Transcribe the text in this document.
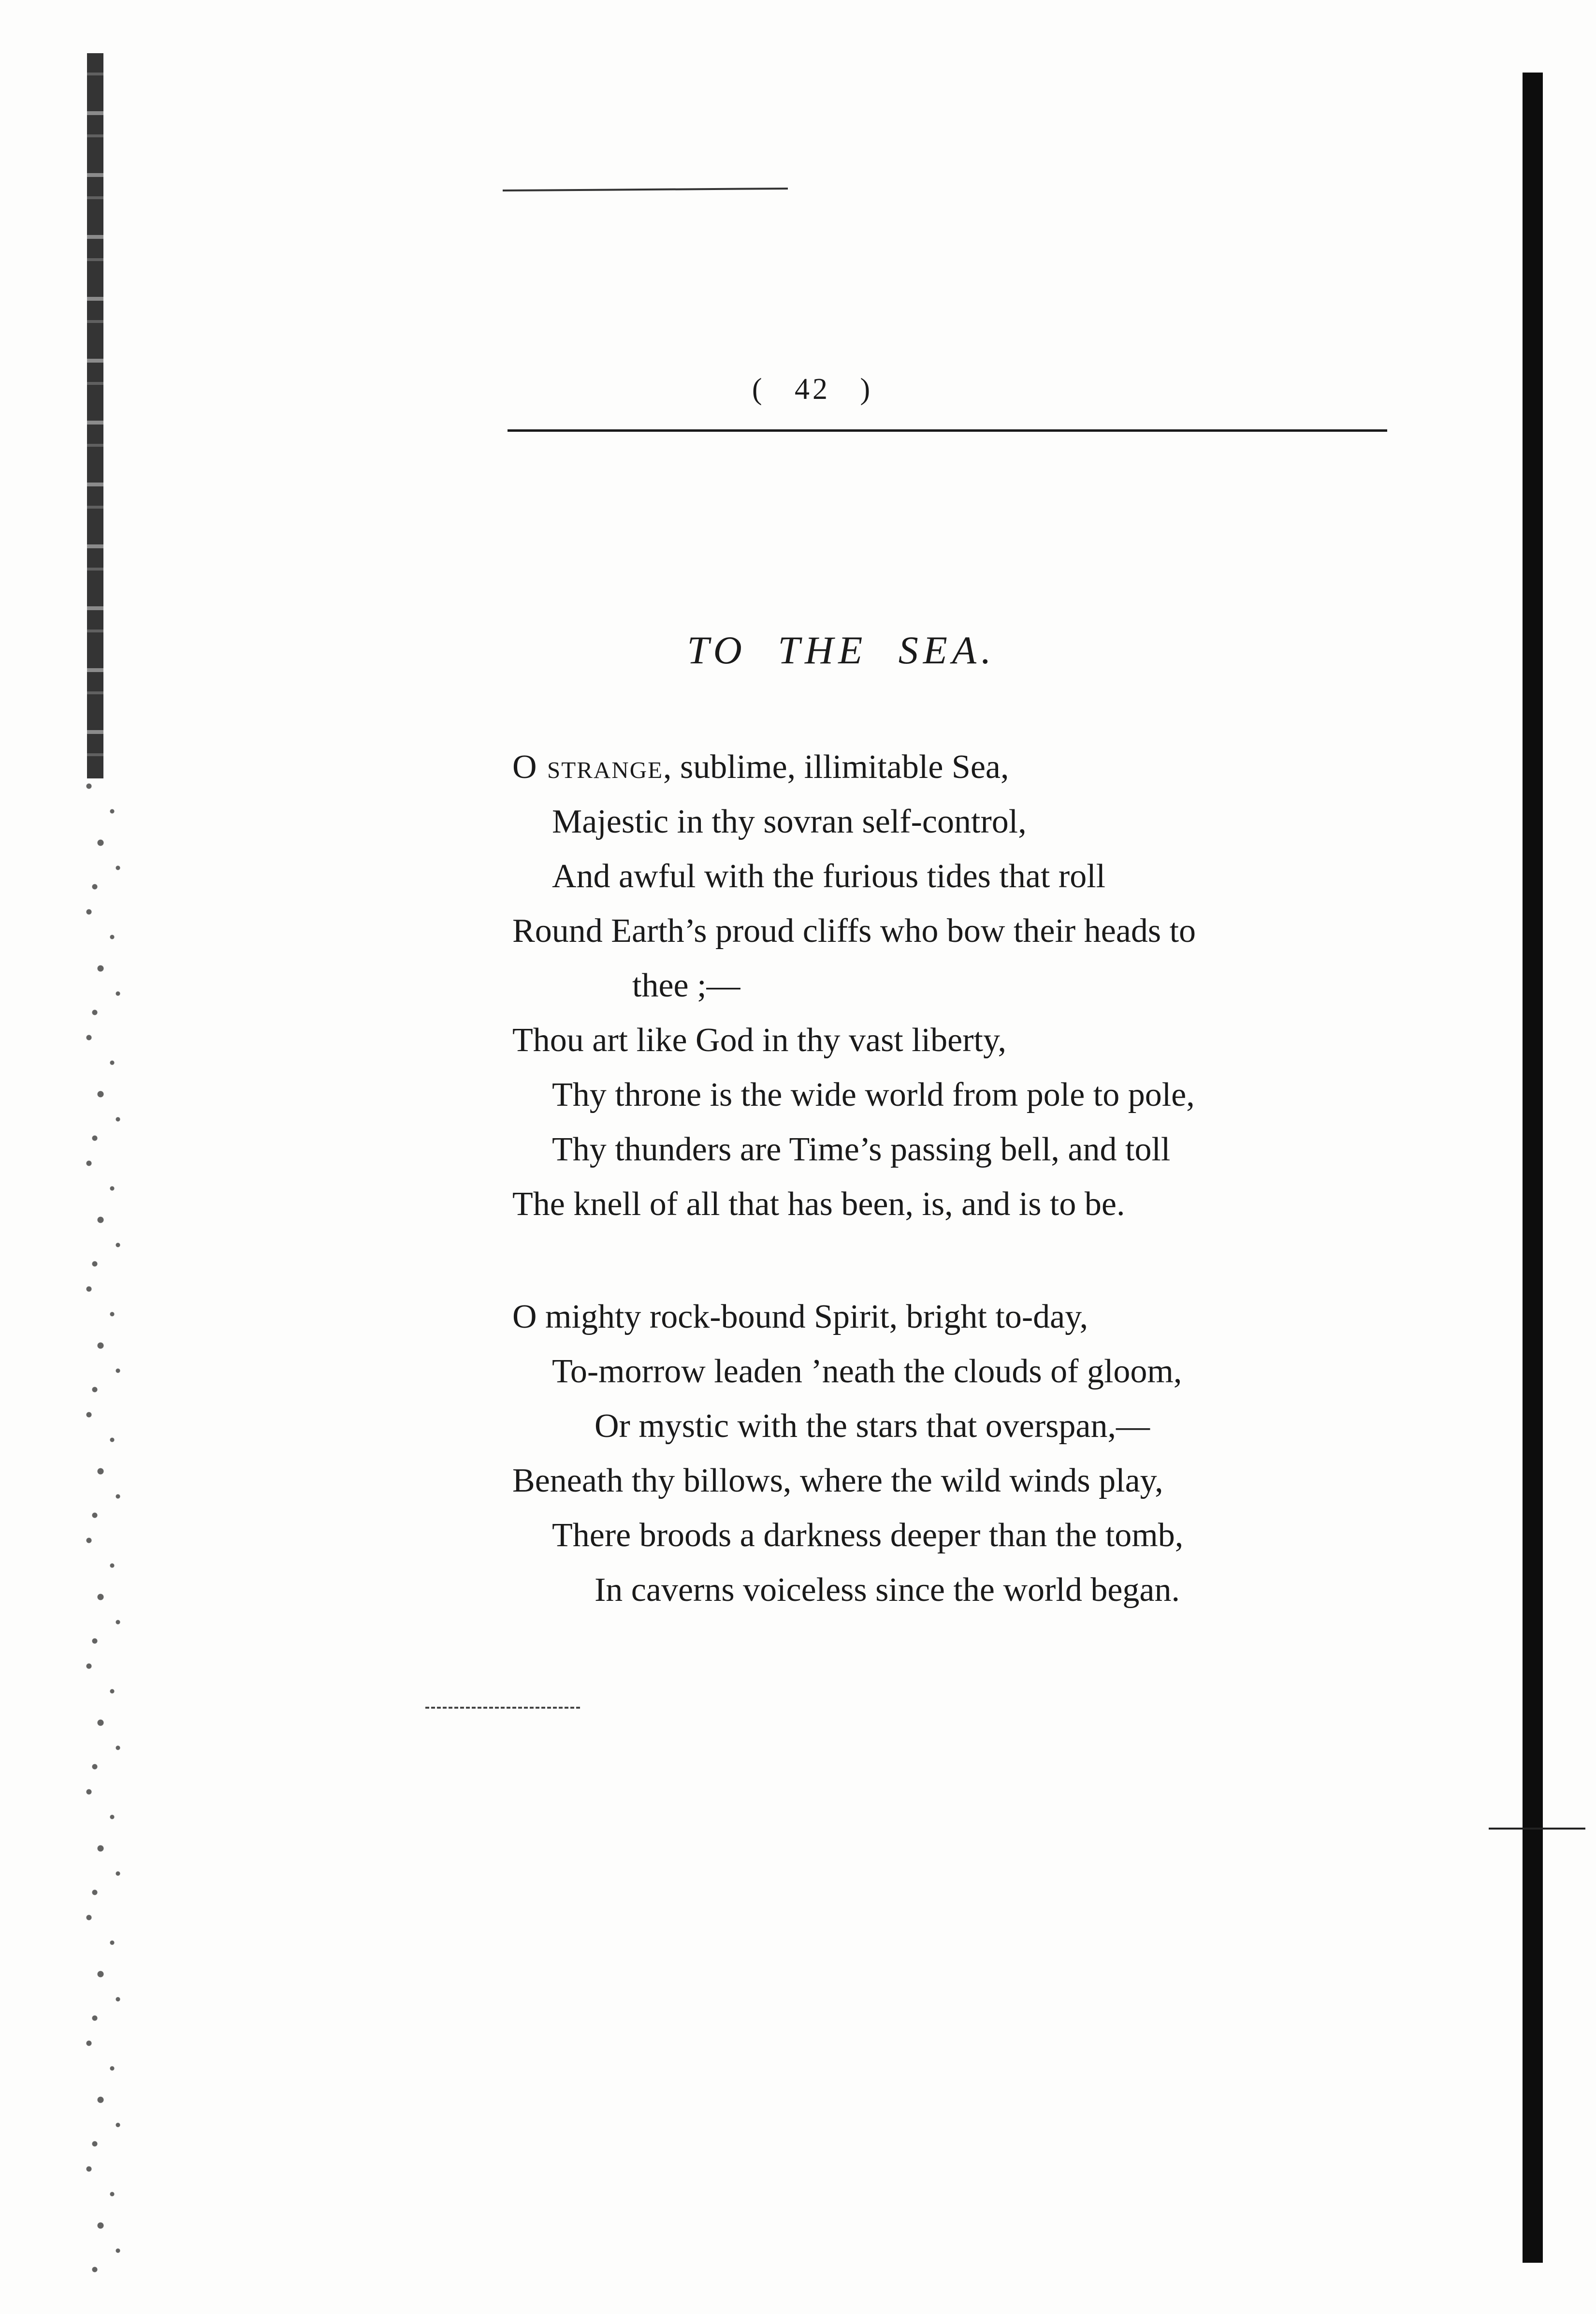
( 42 )
TO THE SEA.
O strange, sublime, illimitable Sea,
Majestic in thy sovran self-control,
And awful with the furious tides that roll
Round Earth’s proud cliffs who bow their heads to
thee ;—
Thou art like God in thy vast liberty,
Thy throne is the wide world from pole to pole,
Thy thunders are Time’s passing bell, and toll
The knell of all that has been, is, and is to be.
O mighty rock-bound Spirit, bright to-day,
To-morrow leaden ’neath the clouds of gloom,
Or mystic with the stars that overspan,—
Beneath thy billows, where the wild winds play,
There broods a darkness deeper than the tomb,
In caverns voiceless since the world began.
